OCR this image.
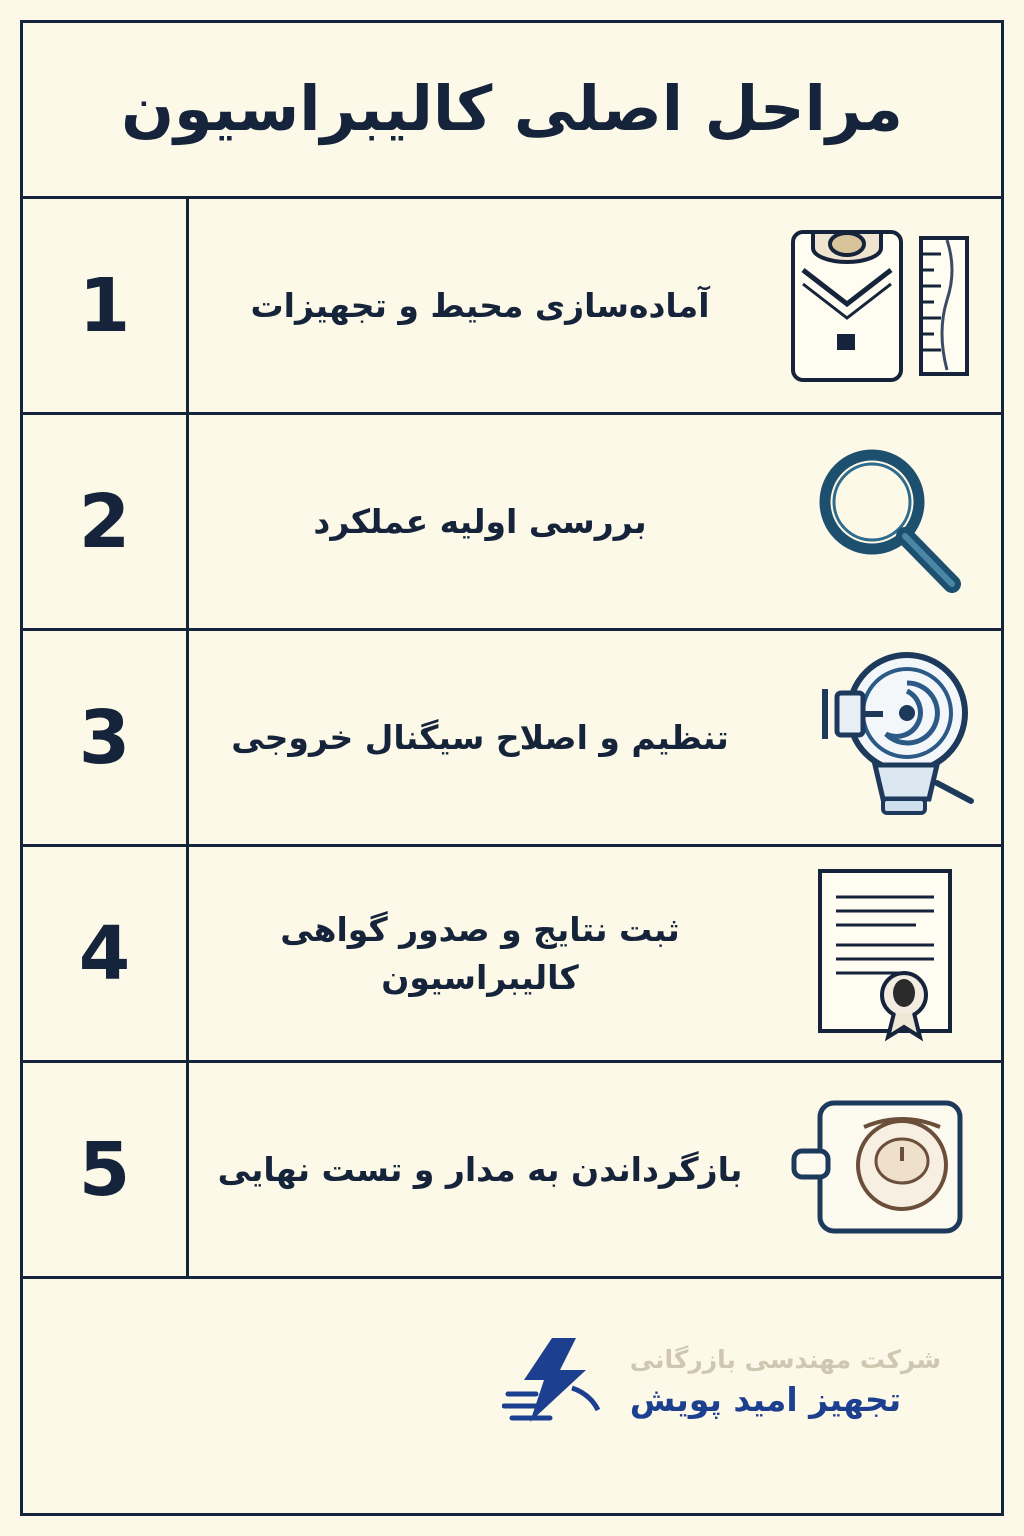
مراحل اصلی کالیبراسیون
آماده‌سازی محیط و تجهیزات
1
بررسی اولیه عملکرد
2
تنظیم و اصلاح سیگنال خروجی
3
ثبت نتایج و صدور گواهی کالیبراسیون
4
بازگرداندن به مدار و تست نهایی
5
شرکت مهندسی بازرگانی
تجهیز امید پویش
